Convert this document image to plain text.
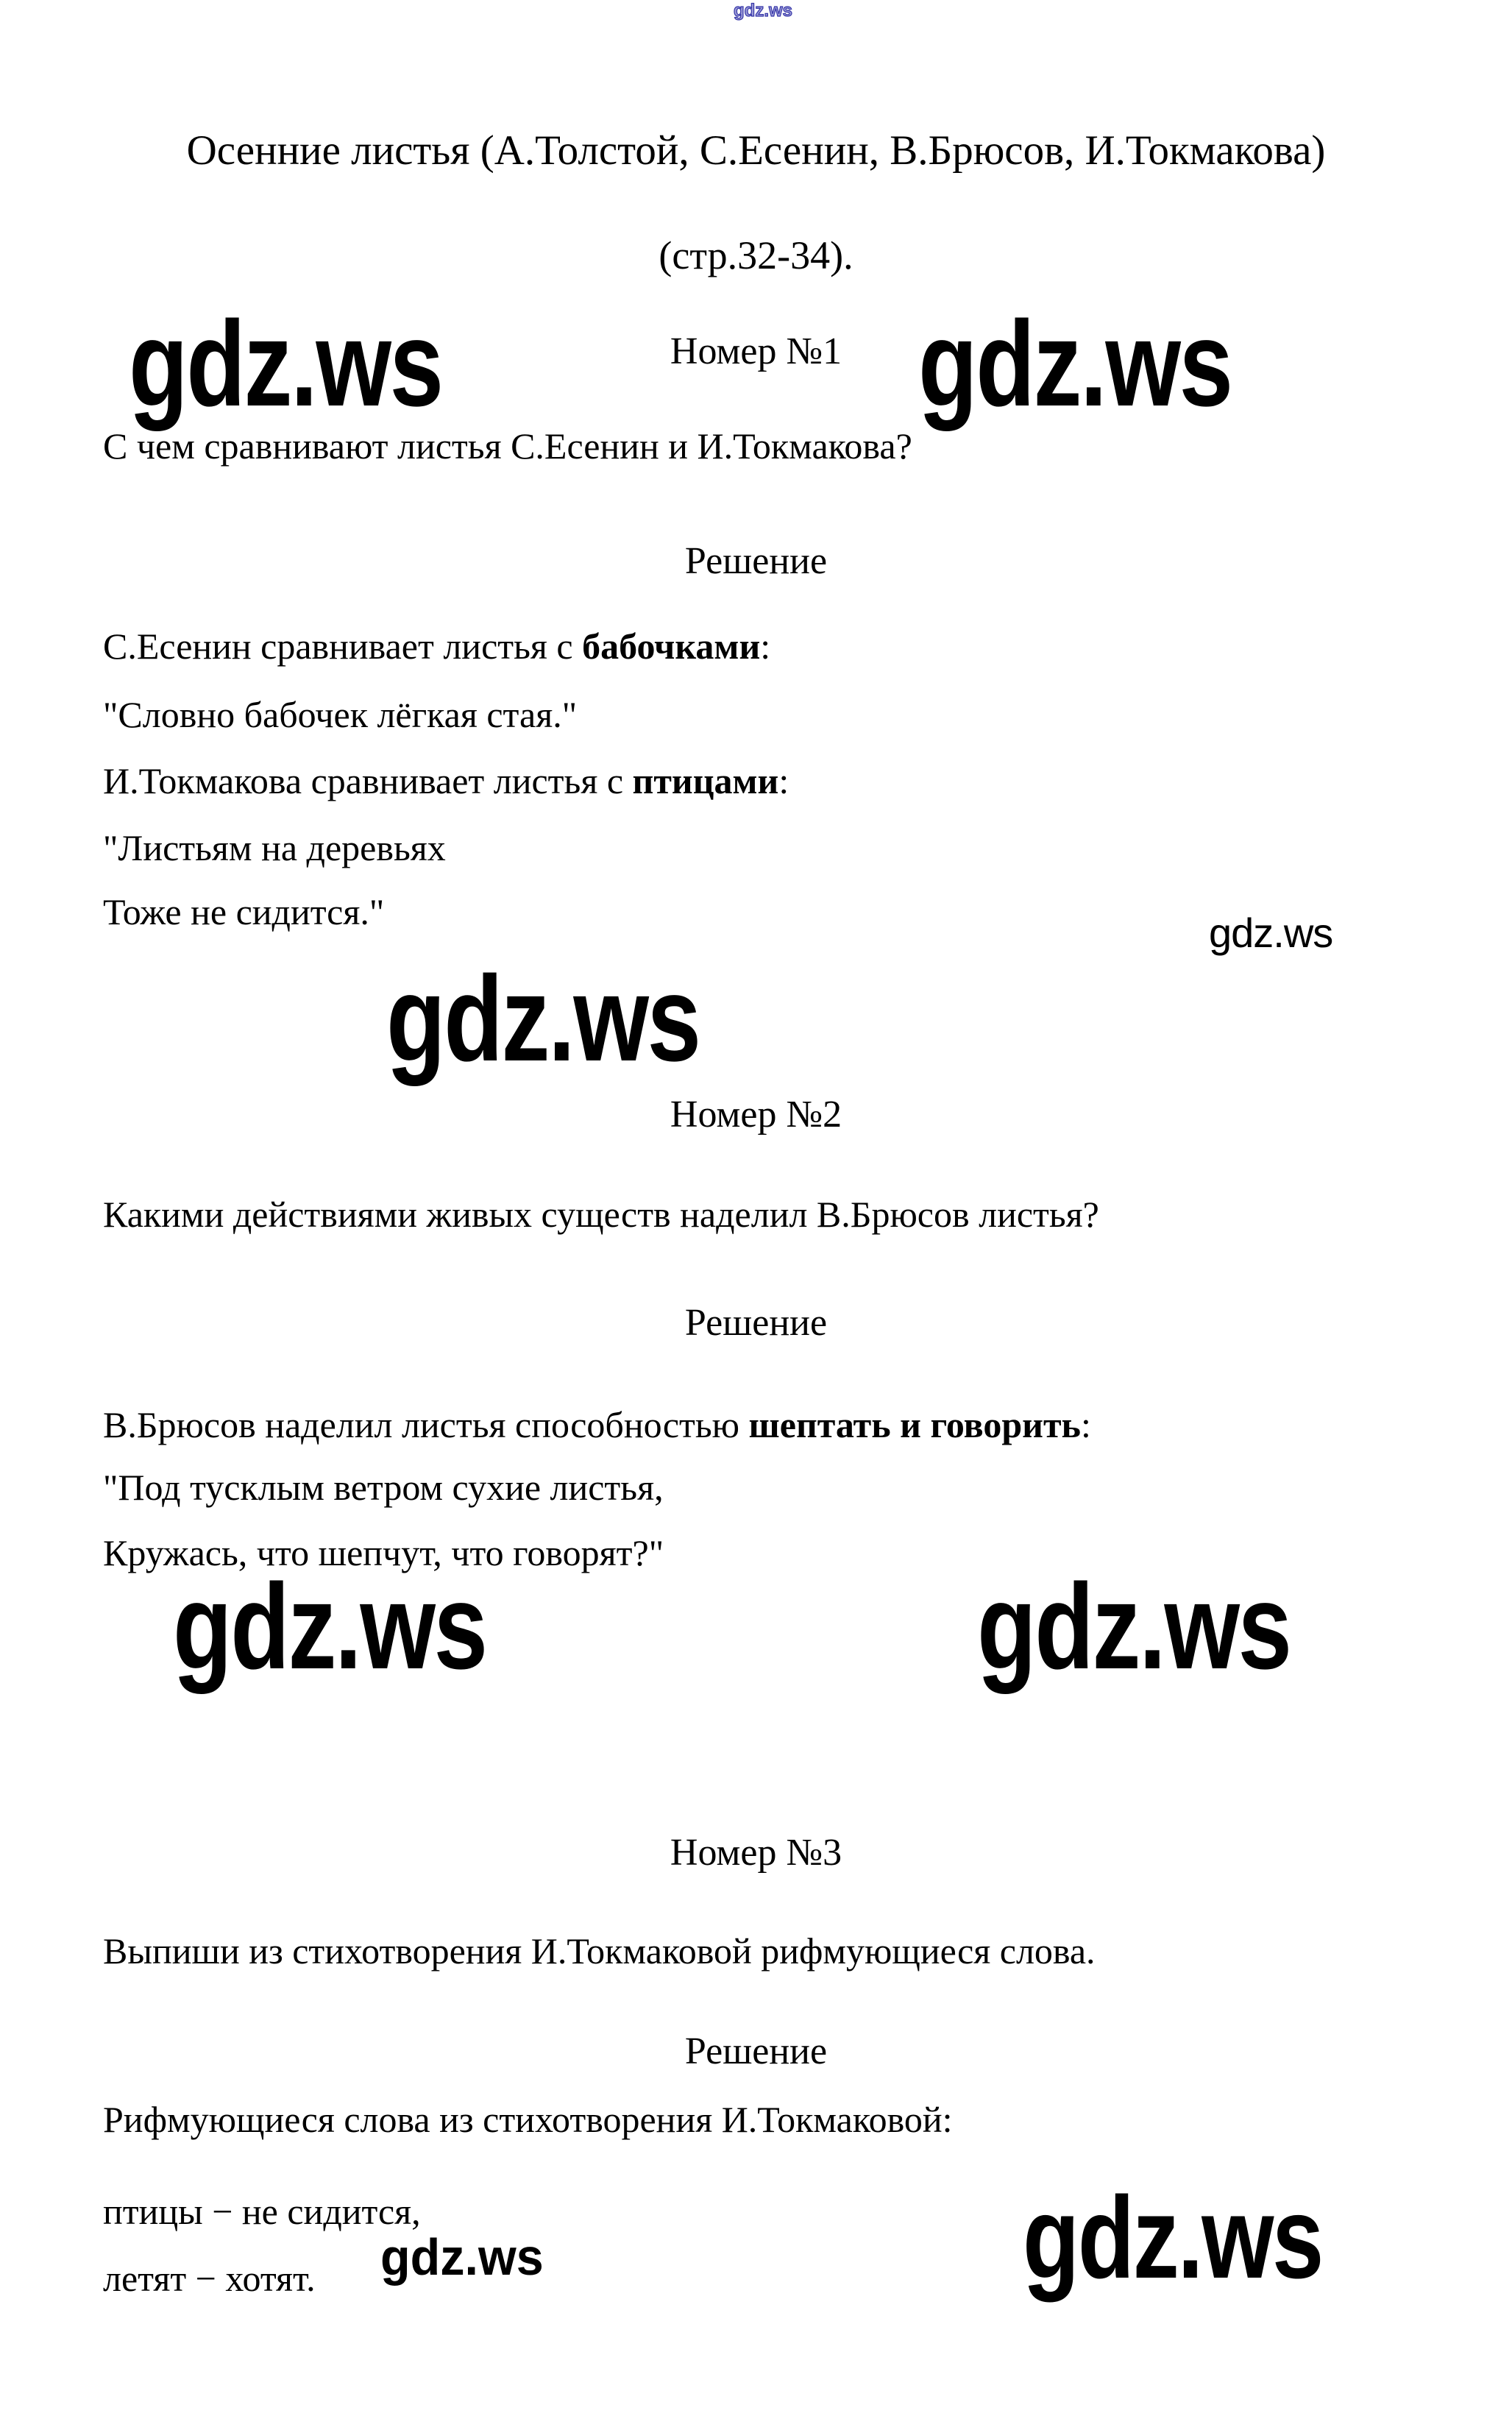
gdz.ws
Осенние листья (А.Толстой, С.Есенин, В.Брюсов, И.Токмакова)
(стр.32-34).
Номер №1
gdz.ws	gdz.ws
С чем сравнивают листья С.Есенин и И.Токмакова?
Решение
С.Есенин сравнивает листья с бабочками:
"Словно бабочек лёгкая стая."
И.Токмакова сравнивает листья с птицами:
"Листьям на деревьях
Тоже не сидится."	gdz.ws
gdz.ws
Номер №2
Какими действиями живых существ наделил В.Брюсов листья?
Решение
В.Брюсов наделил листья способностью шептать и говорить:
"Под тусклым ветром сухие листья,
Кружась, что шепчут, что говорят?"
gdz.ws	gdz.ws
Номер №3
Выпиши из стихотворения И.Токмаковой рифмующиеся слова.
Решение
Рифмующиеся слова из стихотворения И.Токмаковой:
птицы − не сидится,
летят − хотят. gdz.ws	gdz.ws
